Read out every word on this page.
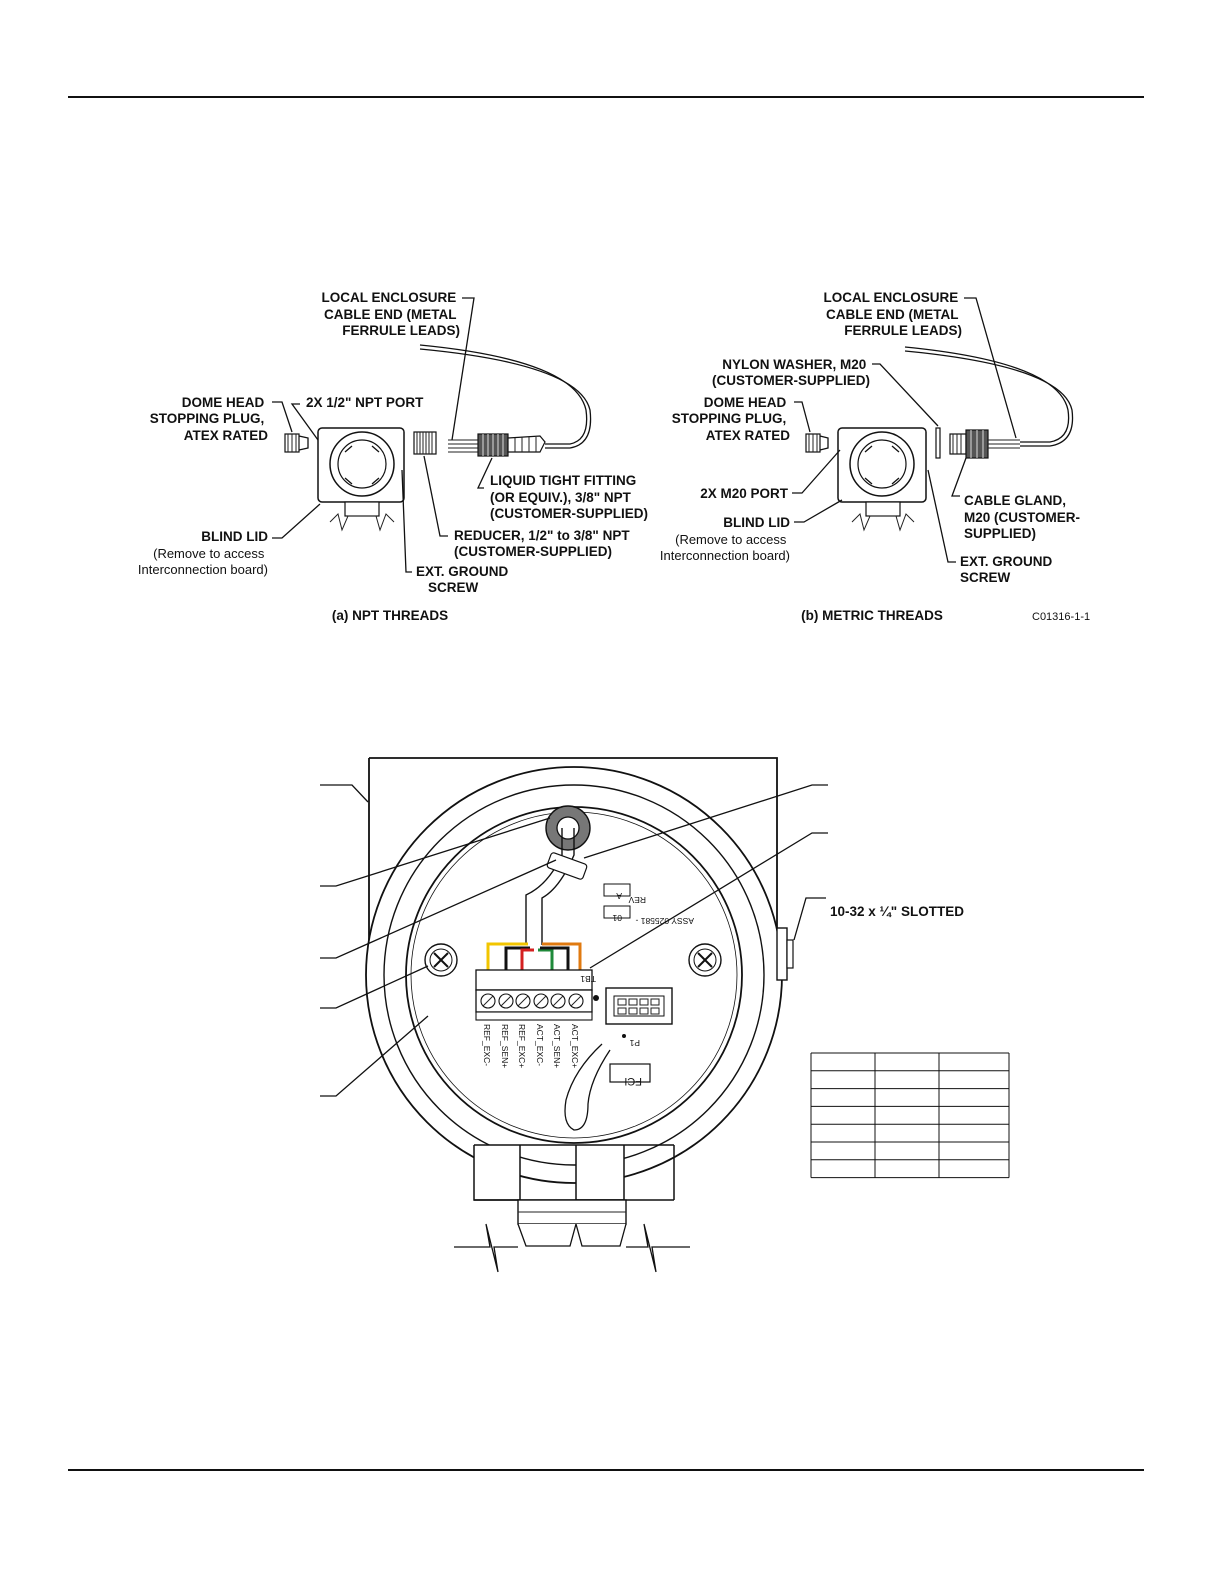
LOCAL ENCLOSURE CABLE END (METAL FERRULE LEADS)
2X 1/2" NPT PORT
DOME HEAD STOPPING PLUG, ATEX RATED
LIQUID TIGHT FITTING (OR EQUIV.), 3/8" NPT (CUSTOMER-SUPPLIED)
BLIND LID
(Remove to access Interconnection board)
REDUCER, 1/2" to 3/8" NPT (CUSTOMER-SUPPLIED)
EXT. GROUND SCREW
(a) NPT THREADS
LOCAL ENCLOSURE CABLE END (METAL FERRULE LEADS)
NYLON WASHER, M20 (CUSTOMER-SUPPLIED)
DOME HEAD STOPPING PLUG, ATEX RATED
2X M20 PORT	CABLE GLAND, M20 (CUSTOMER- SUPPLIED)
BLIND LID
(Remove to access Interconnection board)	EXT. GROUND SCREW
(b) METRIC THREADS	C01316-1-1
TB1
REF_EXC- REF_SEN+ REF_EXC+ ACT_EXC- ACT_SEN+ ACT_EXC+	P1
A REV
01 ASSY 025581 -
FCI
10-32 x ¼" SLOTTED
